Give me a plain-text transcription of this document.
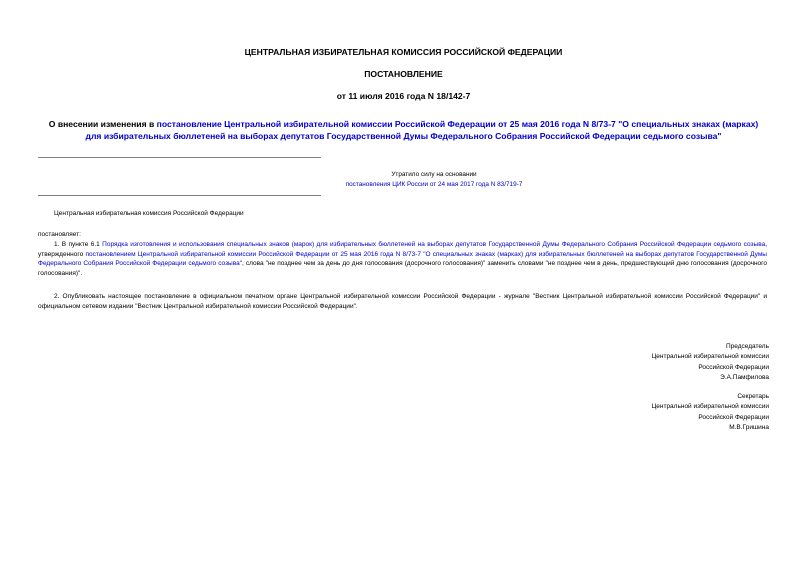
ЦЕНТРАЛЬНАЯ ИЗБИРАТЕЛЬНАЯ КОМИССИЯ РОССИЙСКОЙ ФЕДЕРАЦИИ
ПОСТАНОВЛЕНИЕ
от 11 июля 2016 года N 18/142-7
О внесении изменения в постановление Центральной избирательной комиссии Российской Федерации от 25 мая 2016 года N 8/73-7 "О специальных знаках (марках) для избирательных бюллетеней на выборах депутатов Государственной Думы Федерального Собрания Российской Федерации седьмого созыва"
Утратило силу на основании
постановления ЦИК России от 24 мая 2017 года N 83/719-7
Центральная избирательная комиссия Российской Федерации
постановляет:
1. В пункте 6.1 Порядка изготовления и использования специальных знаков (марок) для избирательных бюллетеней на выборах депутатов Государственной Думы Федерального Собрания Российской Федерации седьмого созыва, утвержденного постановлением Центральной избирательной комиссии Российской Федерации от 25 мая 2016 года N 8/73-7 "О специальных знаках (марках) для избирательных бюллетеней на выборах депутатов Государственной Думы Федерального Собрания Российской Федерации седьмого созыва", слова "не позднее чем за день до дня голосования (досрочного голосования)" заменить словами "не позднее чем в день, предшествующий дню голосования (досрочного голосования)".
2. Опубликовать настоящее постановление в официальном печатном органе Центральной избирательной комиссии Российской Федерации - журнале "Вестник Центральной избирательной комиссии Российской Федерации" и официальном сетевом издании "Вестник Центральной избирательной комиссии Российской Федерации".
Председатель
Центральной избирательной комиссии
Российской Федерации
Э.А.Памфилова
Секретарь
Центральной избирательной комиссии
Российской Федерации
М.В.Гришина
